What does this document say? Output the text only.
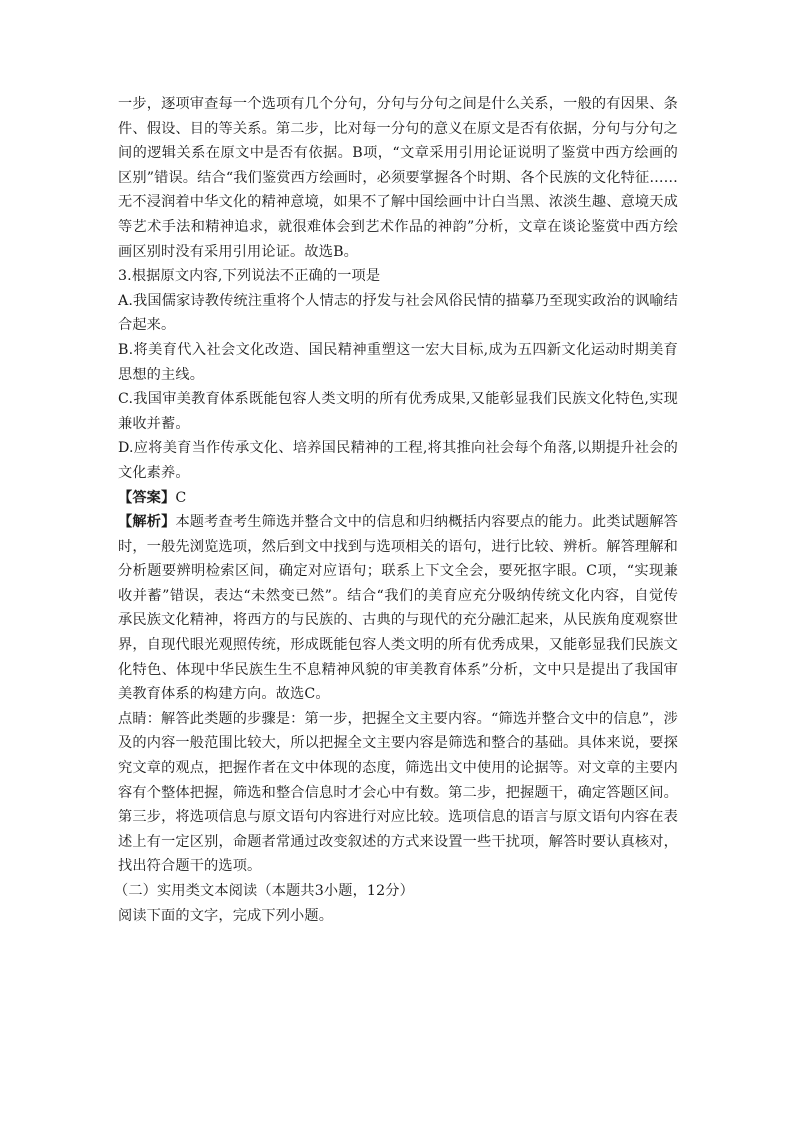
一步，逐项审查每一个选项有几个分句，分句与分句之间是什么关系，一般的有因果、条件、假设、目的等关系。第二步，比对每一分句的意义在原文是否有依据，分句与分句之间的逻辑关系在原文中是否有依据。B项，“文章采用引用论证说明了鉴赏中西方绘画的区别”错误。结合“我们鉴赏西方绘画时，必须要掌握各个时期、各个民族的文化特征……无不浸润着中华文化的精神意境，如果不了解中国绘画中计白当黑、浓淡生趣、意境天成等艺术手法和精神追求，就很难体会到艺术作品的神韵”分析，文章在谈论鉴赏中西方绘画区别时没有采用引用论证。故选B。

3.根据原文内容,下列说法不正确的一项是

A.我国儒家诗教传统注重将个人情志的抒发与社会风俗民情的描摹乃至现实政治的讽喻结合起来。

B.将美育代入社会文化改造、国民精神重塑这一宏大目标,成为五四新文化运动时期美育思想的主线。

C.我国审美教育体系既能包容人类文明的所有优秀成果,又能彰显我们民族文化特色,实现兼收并蓄。

D.应将美育当作传承文化、培养国民精神的工程,将其推向社会每个角落,以期提升社会的文化素养。

【答案】C

【解析】本题考查考生筛选并整合文中的信息和归纳概括内容要点的能力。此类试题解答时，一般先浏览选项，然后到文中找到与选项相关的语句，进行比较、辨析。解答理解和分析题要辨明检索区间，确定对应语句；联系上下文全会，要死抠字眼。C项，“实现兼收并蓄”错误，表达“未然变已然”。结合“我们的美育应充分吸纳传统文化内容，自觉传承民族文化精神，将西方的与民族的、古典的与现代的充分融汇起来，从民族角度观察世界，自现代眼光观照传统，形成既能包容人类文明的所有优秀成果，又能彰显我们民族文化特色、体现中华民族生生不息精神风貌的审美教育体系”分析，文中只是提出了我国审美教育体系的构建方向。故选C。

点睛：解答此类题的步骤是：第一步，把握全文主要内容。“筛选并整合文中的信息”，涉及的内容一般范围比较大，所以把握全文主要内容是筛选和整合的基础。具体来说，要探究文章的观点，把握作者在文中体现的态度，筛选出文中使用的论据等。对文章的主要内容有个整体把握，筛选和整合信息时才会心中有数。第二步，把握题干，确定答题区间。第三步，将选项信息与原文语句内容进行对应比较。选项信息的语言与原文语句内容在表述上有一定区别，命题者常通过改变叙述的方式来设置一些干扰项，解答时要认真核对，找出符合题干的选项。

（二）实用类文本阅读（本题共3小题，12分）

阅读下面的文字，完成下列小题。
